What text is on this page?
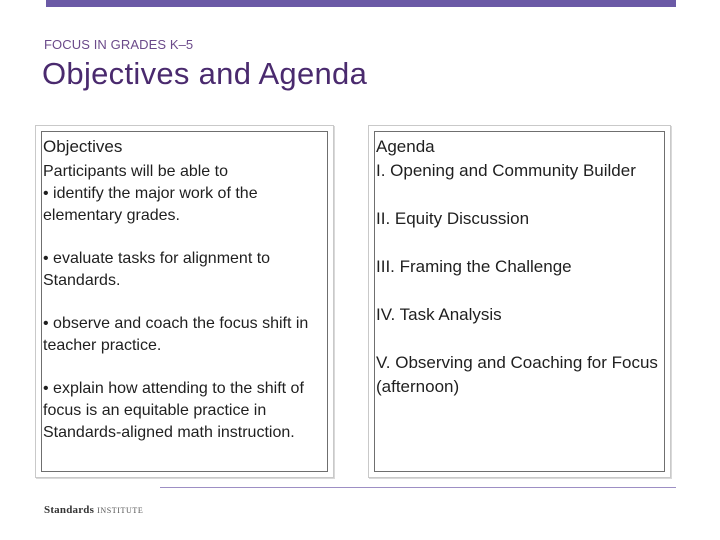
FOCUS IN GRADES K–5
Objectives and Agenda
Objectives
Participants will be able to
• identify the major work of the elementary grades.
• evaluate tasks for alignment to Standards.
• observe and coach the focus shift in teacher practice.
• explain how attending to the shift of focus is an equitable practice in Standards-aligned math instruction.
Agenda
I. Opening and Community Builder
II. Equity Discussion
III. Framing the Challenge
IV. Task Analysis
V. Observing and Coaching for Focus (afternoon)
Standards INSTITUTE
